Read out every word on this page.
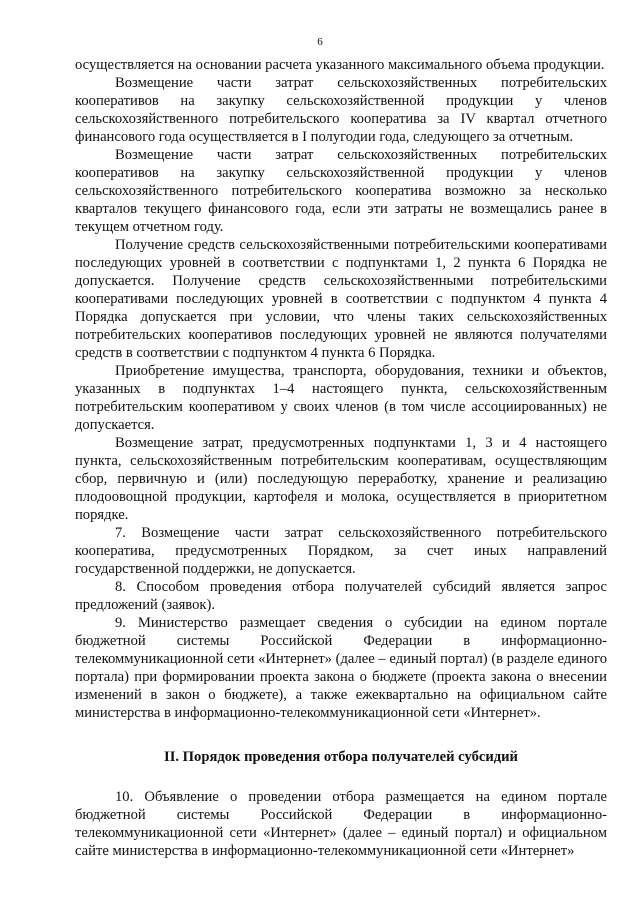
6

осуществляется на основании расчета указанного максимального объема продукции.

Возмещение части затрат сельскохозяйственных потребительских кооперативов на закупку сельскохозяйственной продукции у членов сельскохозяйственного потребительского кооператива за IV квартал отчетного финансового года осуществляется в I полугодии года, следующего за отчетным.

Возмещение части затрат сельскохозяйственных потребительских кооперативов на закупку сельскохозяйственной продукции у членов сельскохозяйственного потребительского кооператива возможно за несколько кварталов текущего финансового года, если эти затраты не возмещались ранее в текущем отчетном году.

Получение средств сельскохозяйственными потребительскими кооперативами последующих уровней в соответствии с подпунктами 1, 2 пункта 6 Порядка не допускается. Получение средств сельскохозяйственными потребительскими кооперативами последующих уровней в соответствии с подпунктом 4 пункта 4 Порядка допускается при условии, что члены таких сельскохозяйственных потребительских кооперативов последующих уровней не являются получателями средств в соответствии с подпунктом 4 пункта 6 Порядка.

Приобретение имущества, транспорта, оборудования, техники и объектов, указанных в подпунктах 1–4 настоящего пункта, сельскохозяйственным потребительским кооперативом у своих членов (в том числе ассоциированных) не допускается.

Возмещение затрат, предусмотренных подпунктами 1, 3 и 4 настоящего пункта, сельскохозяйственным потребительским кооперативам, осуществляющим сбор, первичную и (или) последующую переработку, хранение и реализацию плодоовощной продукции, картофеля и молока, осуществляется в приоритетном порядке.

7. Возмещение части затрат сельскохозяйственного потребительского кооператива, предусмотренных Порядком, за счет иных направлений государственной поддержки, не допускается.

8. Способом проведения отбора получателей субсидий является запрос предложений (заявок).

9. Министерство размещает сведения о субсидии на едином портале бюджетной системы Российской Федерации в информационно-телекоммуникационной сети «Интернет» (далее – единый портал) (в разделе единого портала) при формировании проекта закона о бюджете (проекта закона о внесении изменений в закон о бюджете), а также ежеквартально на официальном сайте министерства в информационно-телекоммуникационной сети «Интернет».

II. Порядок проведения отбора получателей субсидий

10. Объявление о проведении отбора размещается на едином портале бюджетной системы Российской Федерации в информационно-телекоммуникационной сети «Интернет» (далее – единый портал) и официальном сайте министерства в информационно-телекоммуникационной сети «Интернет»
